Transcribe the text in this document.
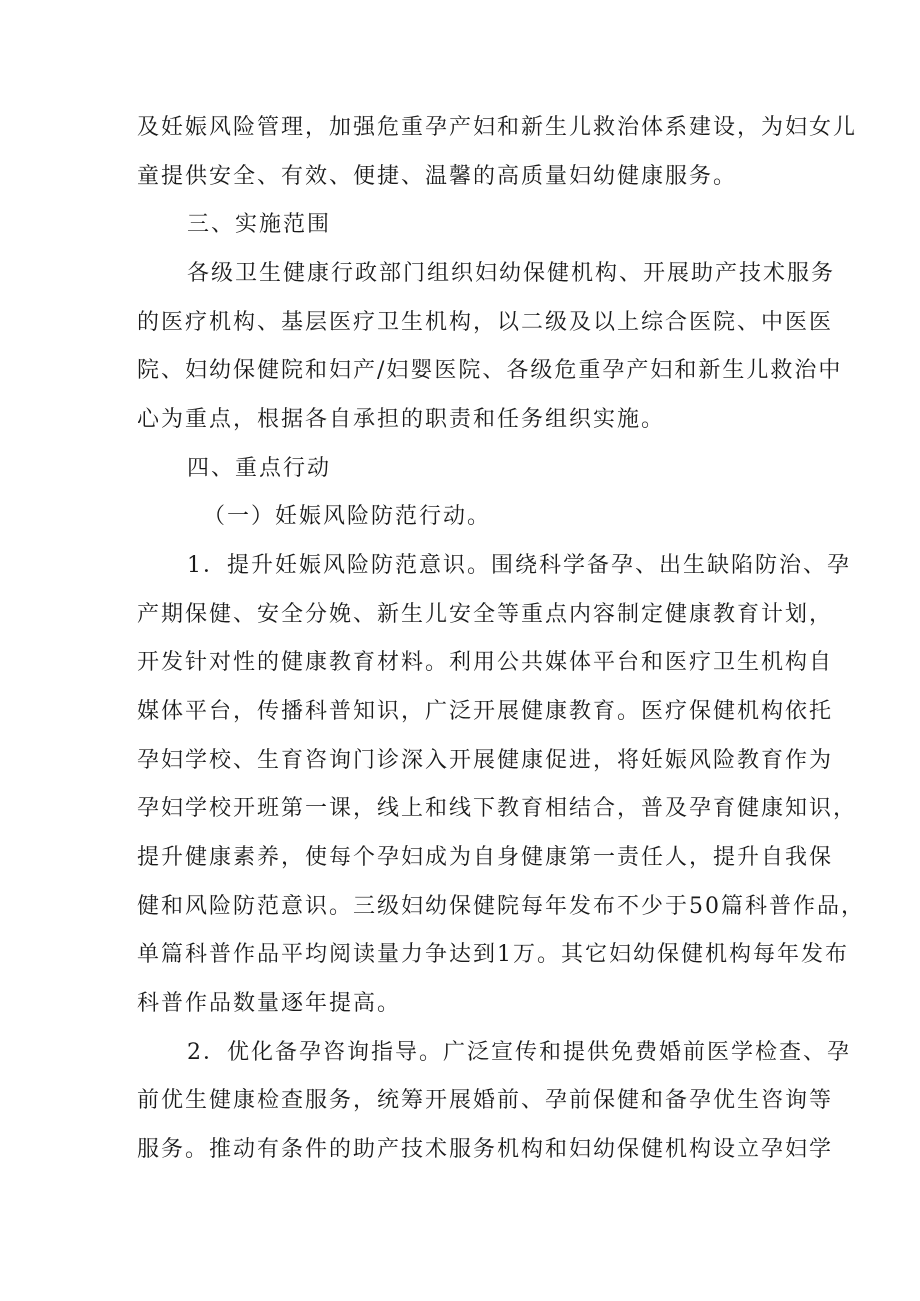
及妊娠风险管理，加强危重孕产妇和新生儿救治体系建设，为妇女儿
童提供安全、有效、便捷、温馨的高质量妇幼健康服务。
三、实施范围
各级卫生健康行政部门组织妇幼保健机构、开展助产技术服务
的医疗机构、基层医疗卫生机构，以二级及以上综合医院、中医医
院、妇幼保健院和妇产/妇婴医院、各级危重孕产妇和新生儿救治中
心为重点，根据各自承担的职责和任务组织实施。
四、重点行动
（一）妊娠风险防范行动。
1．提升妊娠风险防范意识。围绕科学备孕、出生缺陷防治、孕
产期保健、安全分娩、新生儿安全等重点内容制定健康教育计划，
开发针对性的健康教育材料。利用公共媒体平台和医疗卫生机构自
媒体平台，传播科普知识，广泛开展健康教育。医疗保健机构依托
孕妇学校、生育咨询门诊深入开展健康促进，将妊娠风险教育作为
孕妇学校开班第一课，线上和线下教育相结合，普及孕育健康知识，
提升健康素养，使每个孕妇成为自身健康第一责任人，提升自我保
健和风险防范意识。三级妇幼保健院每年发布不少于50篇科普作品，
单篇科普作品平均阅读量力争达到1万。其它妇幼保健机构每年发布
科普作品数量逐年提高。
2．优化备孕咨询指导。广泛宣传和提供免费婚前医学检查、孕
前优生健康检查服务，统筹开展婚前、孕前保健和备孕优生咨询等
服务。推动有条件的助产技术服务机构和妇幼保健机构设立孕妇学
